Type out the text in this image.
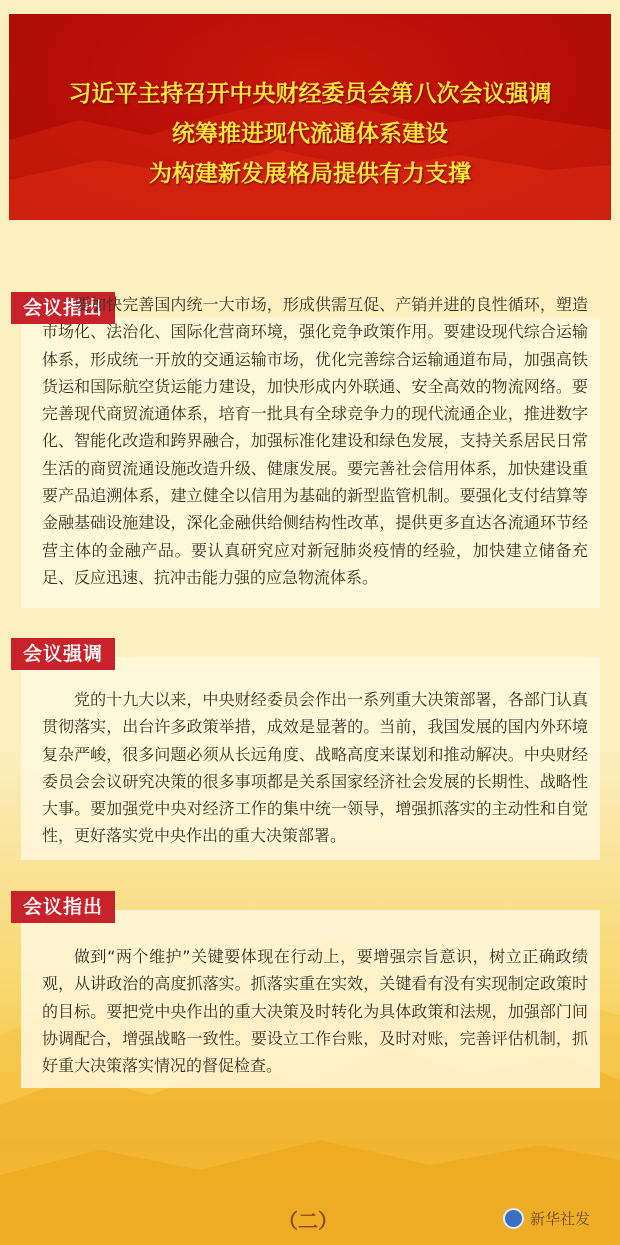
习近平主持召开中央财经委员会第八次会议强调
统筹推进现代流通体系建设
为构建新发展格局提供有力支撑
会议指出

要加快完善国内统一大市场，形成供需互促、产销并进的良性循环，塑造市场化、法治化、国际化营商环境，强化竞争政策作用。要建设现代综合运输体系，形成统一开放的交通运输市场，优化完善综合运输通道布局，加强高铁货运和国际航空货运能力建设，加快形成内外联通、安全高效的物流网络。要完善现代商贸流通体系，培育一批具有全球竞争力的现代流通企业，推进数字化、智能化改造和跨界融合，加强标准化建设和绿色发展，支持关系居民日常生活的商贸流通设施改造升级、健康发展。要完善社会信用体系，加快建设重要产品追溯体系，建立健全以信用为基础的新型监管机制。要强化支付结算等金融基础设施建设，深化金融供给侧结构性改革，提供更多直达各流通环节经营主体的金融产品。要认真研究应对新冠肺炎疫情的经验，加快建立储备充足、反应迅速、抗冲击能力强的应急物流体系。

会议强调

党的十九大以来，中央财经委员会作出一系列重大决策部署，各部门认真贯彻落实，出台许多政策举措，成效是显著的。当前，我国发展的国内外环境复杂严峻，很多问题必须从长远角度、战略高度来谋划和推动解决。中央财经委员会会议研究决策的很多事项都是关系国家经济社会发展的长期性、战略性大事。要加强党中央对经济工作的集中统一领导，增强抓落实的主动性和自觉性，更好落实党中央作出的重大决策部署。

会议指出

做到“两个维护”关键要体现在行动上，要增强宗旨意识，树立正确政绩观，从讲政治的高度抓落实。抓落实重在实效，关键看有没有实现制定政策时的目标。要把党中央作出的重大决策及时转化为具体政策和法规，加强部门间协调配合，增强战略一致性。要设立工作台账，及时对账，完善评估机制，抓好重大决策落实情况的督促检查。

（二）	新华社发
